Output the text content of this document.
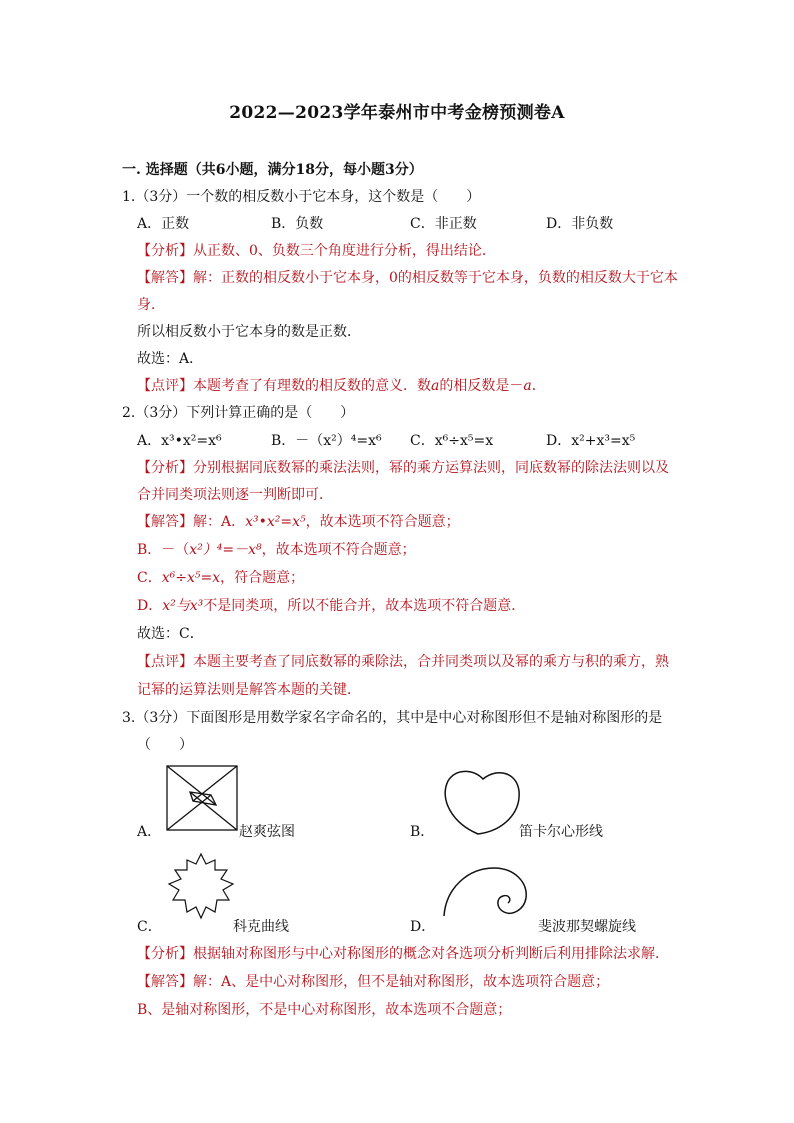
2022—2023学年泰州市中考金榜预测卷A
一. 选择题（共6小题，满分18分，每小题3分）
1.（3分）一个数的相反数小于它本身，这个数是（　　）
A．正数	B．负数	C．非正数	D．非负数
【分析】从正数、0、负数三个角度进行分析，得出结论．
【解答】解：正数的相反数小于它本身，0的相反数等于它本身，负数的相反数大于它本
身．
所以相反数小于它本身的数是正数．
故选：A．
【点评】本题考查了有理数的相反数的意义．数a的相反数是－a．
2.（3分）下列计算正确的是（　　）
A．x³•x²=x⁶	B．－（x²）⁴=x⁶ C．x⁶÷x⁵=x	D．x²+x³=x⁵
【分析】分别根据同底数幂的乘法法则，幂的乘方运算法则，同底数幂的除法法则以及
合并同类项法则逐一判断即可．
【解答】解：A．x³•x²=x⁵，故本选项不符合题意；
B．－（x²）⁴=－x⁸，故本选项不符合题意；
C．x⁶÷x⁵=x，符合题意；
D．x²与x³不是同类项，所以不能合并，故本选项不符合题意．
故选：C．
【点评】本题主要考查了同底数幂的乘除法，合并同类项以及幂的乘方与积的乘方，熟
记幂的运算法则是解答本题的关键．
3.（3分）下面图形是用数学家名字命名的，其中是中心对称图形但不是轴对称图形的是
（　　）
A．	赵爽弦图	B．	笛卡尔心形线
C．	科克曲线	D．	斐波那契螺旋线
【分析】根据轴对称图形与中心对称图形的概念对各选项分析判断后利用排除法求解．
【解答】解：A、是中心对称图形，但不是轴对称图形，故本选项符合题意；
B、是轴对称图形，不是中心对称图形，故本选项不合题意；
